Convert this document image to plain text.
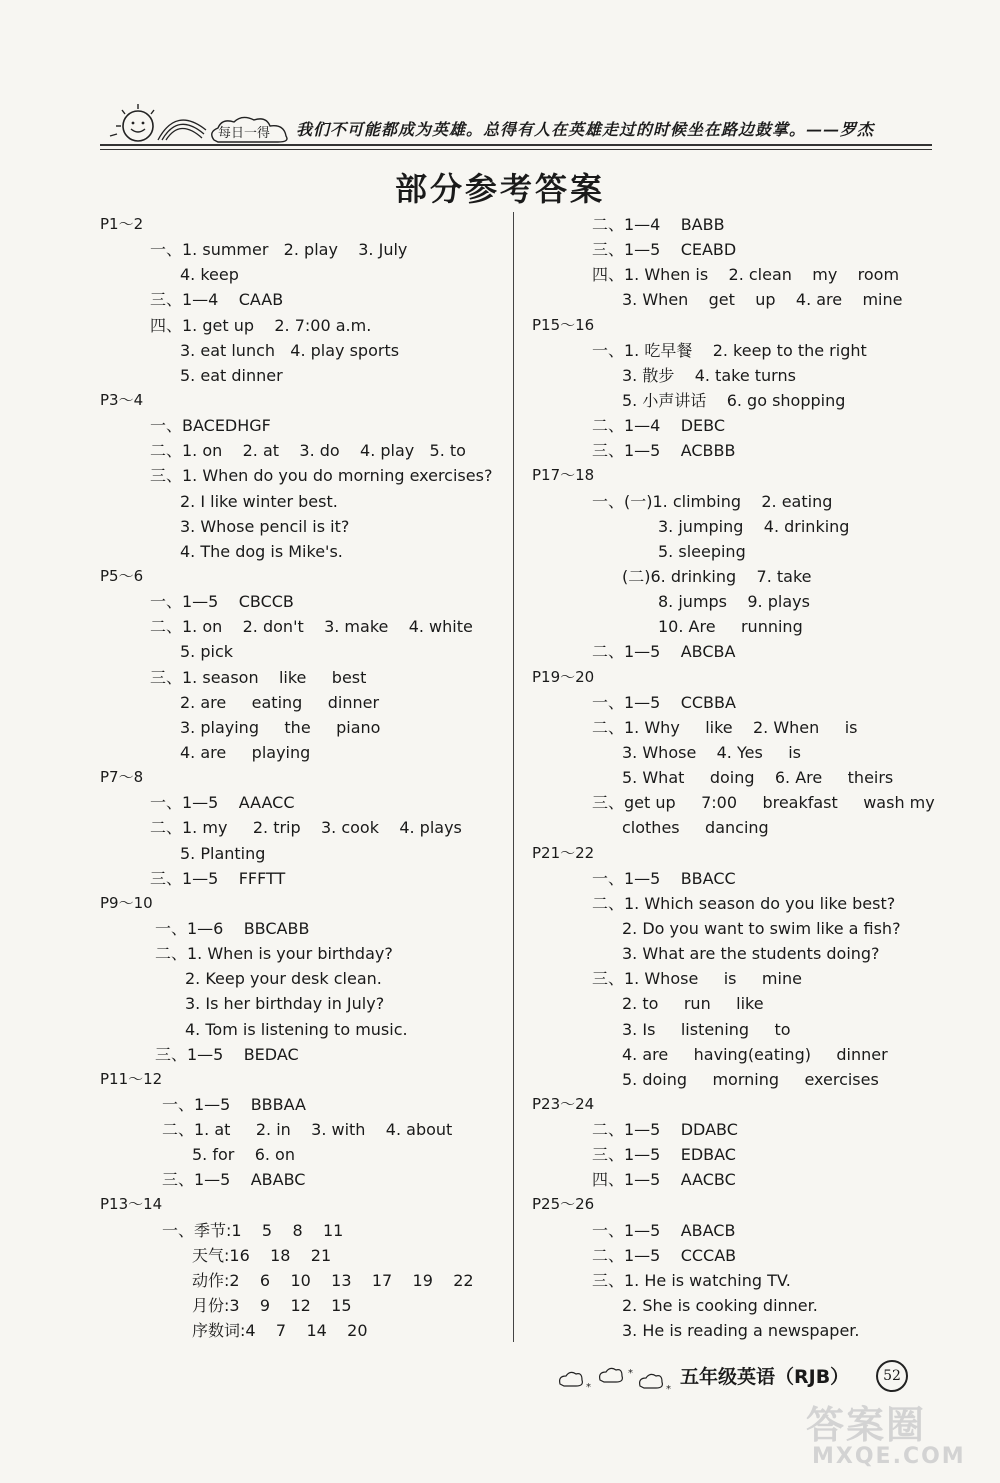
每日一得 我们不可能都成为英雄。总得有人在英雄走过的时候坐在路边鼓掌。——罗杰
部分参考答案
P1～2
一、1. summer   2. play    3. July
4. keep
三、1—4    CAAB
四、1. get up    2. 7:00 a.m.
3. eat lunch   4. play sports
5. eat dinner
P3～4
一、BACEDHGF
二、1. on    2. at    3. do    4. play   5. to
三、1. When do you do morning exercises?
2. I like winter best.
3. Whose pencil is it?
4. The dog is Mike's.
P5～6
一、1—5    CBCCB
二、1. on    2. don't    3. make    4. white
5. pick
三、1. season    like     best
2. are     eating     dinner
3. playing     the     piano
4. are     playing
P7～8
一、1—5    AAACC
二、1. my     2. trip    3. cook    4. plays
5. Planting
三、1—5    FFFTT
P9～10
一、1—6    BBCABB
二、1. When is your birthday?
2. Keep your desk clean.
3. Is her birthday in July?
4. Tom is listening to music.
三、1—5    BEDAC
P11～12
一、1—5    BBBAA
二、1. at     2. in    3. with    4. about
5. for    6. on
三、1—5    ABABC
P13～14
一、季节:1    5    8    11
天气:16    18    21
动作:2    6    10    13    17    19    22
月份:3    9    12    15
序数词:4    7    14    20
二、1—4    BABB
三、1—5    CEABD
四、1. When is    2. clean    my    room
3. When    get    up    4. are    mine
P15～16
一、1. 吃早餐    2. keep to the right
3. 散步    4. take turns
5. 小声讲话    6. go shopping
二、1—4    DEBC
三、1—5    ACBBB
P17～18
一、(一)1. climbing    2. eating
3. jumping    4. drinking
5. sleeping
(二)6. drinking    7. take
8. jumps    9. plays
10. Are     running
二、1—5    ABCBA
P19～20
一、1—5    CCBBA
二、1. Why     like    2. When     is
3. Whose    4. Yes     is
5. What     doing    6. Are     theirs
三、get up     7:00     breakfast     wash my
clothes     dancing
P21～22
一、1—5    BBACC
二、1. Which season do you like best?
2. Do you want to swim like a fish?
3. What are the students doing?
三、1. Whose     is     mine
2. to     run     like
3. Is     listening     to
4. are     having(eating)     dinner
5. doing     morning     exercises
P23～24
二、1—5    DDABC
三、1—5    EDBAC
四、1—5    AACBC
P25～26
一、1—5    ABACB
二、1—5    CCCAB
三、1. He is watching TV.
2. She is cooking dinner.
3. He is reading a newspaper.
*
*
*
五年级英语（RJB）	52
答案圈
MXQE.COM
